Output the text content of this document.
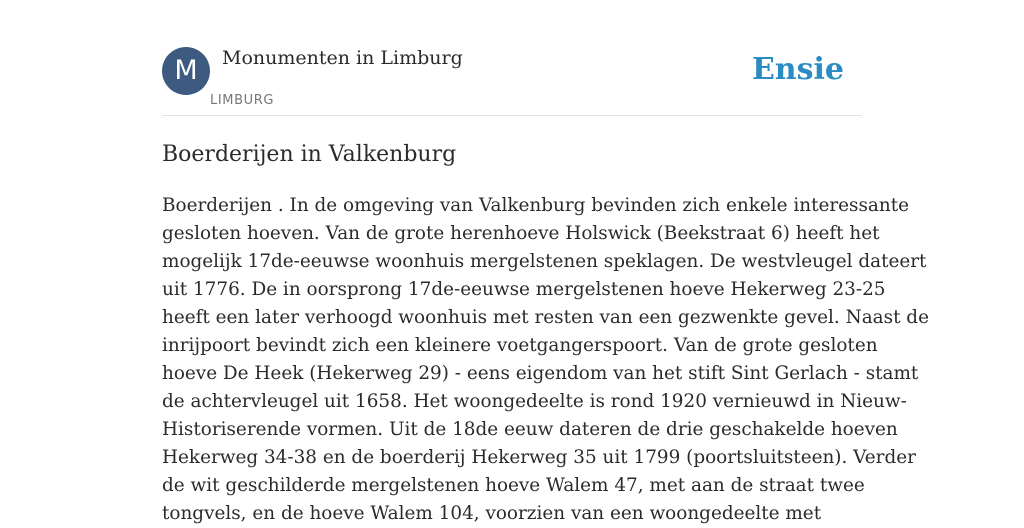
M	Monumenten in Limburg
LIMBURG
Ensie
Boerderijen in Valkenburg

Boerderijen . In de omgeving van Valkenburg bevinden zich enkele interessante
gesloten hoeven. Van de grote herenhoeve Holswick (Beekstraat 6) heeft het
mogelijk 17de-eeuwse woonhuis mergelstenen speklagen. De westvleugel dateert
uit 1776. De in oorsprong 17de-eeuwse mergelstenen hoeve Hekerweg 23-25
heeft een later verhoogd woonhuis met resten van een gezwenkte gevel. Naast de
inrijpoort bevindt zich een kleinere voetgangerspoort. Van de grote gesloten
hoeve De Heek (Hekerweg 29) - eens eigendom van het stift Sint Gerlach - stamt
de achtervleugel uit 1658. Het woongedeelte is rond 1920 vernieuwd in Nieuw-
Historiserende vormen. Uit de 18de eeuw dateren de drie geschakelde hoeven
Hekerweg 34-38 en de boerderij Hekerweg 35 uit 1799 (poortsluitsteen). Verder
de wit geschilderde mergelstenen hoeve Walem 47, met aan de straat twee
tongvels, en de hoeve Walem 104, voorzien van een woongedeelte met
